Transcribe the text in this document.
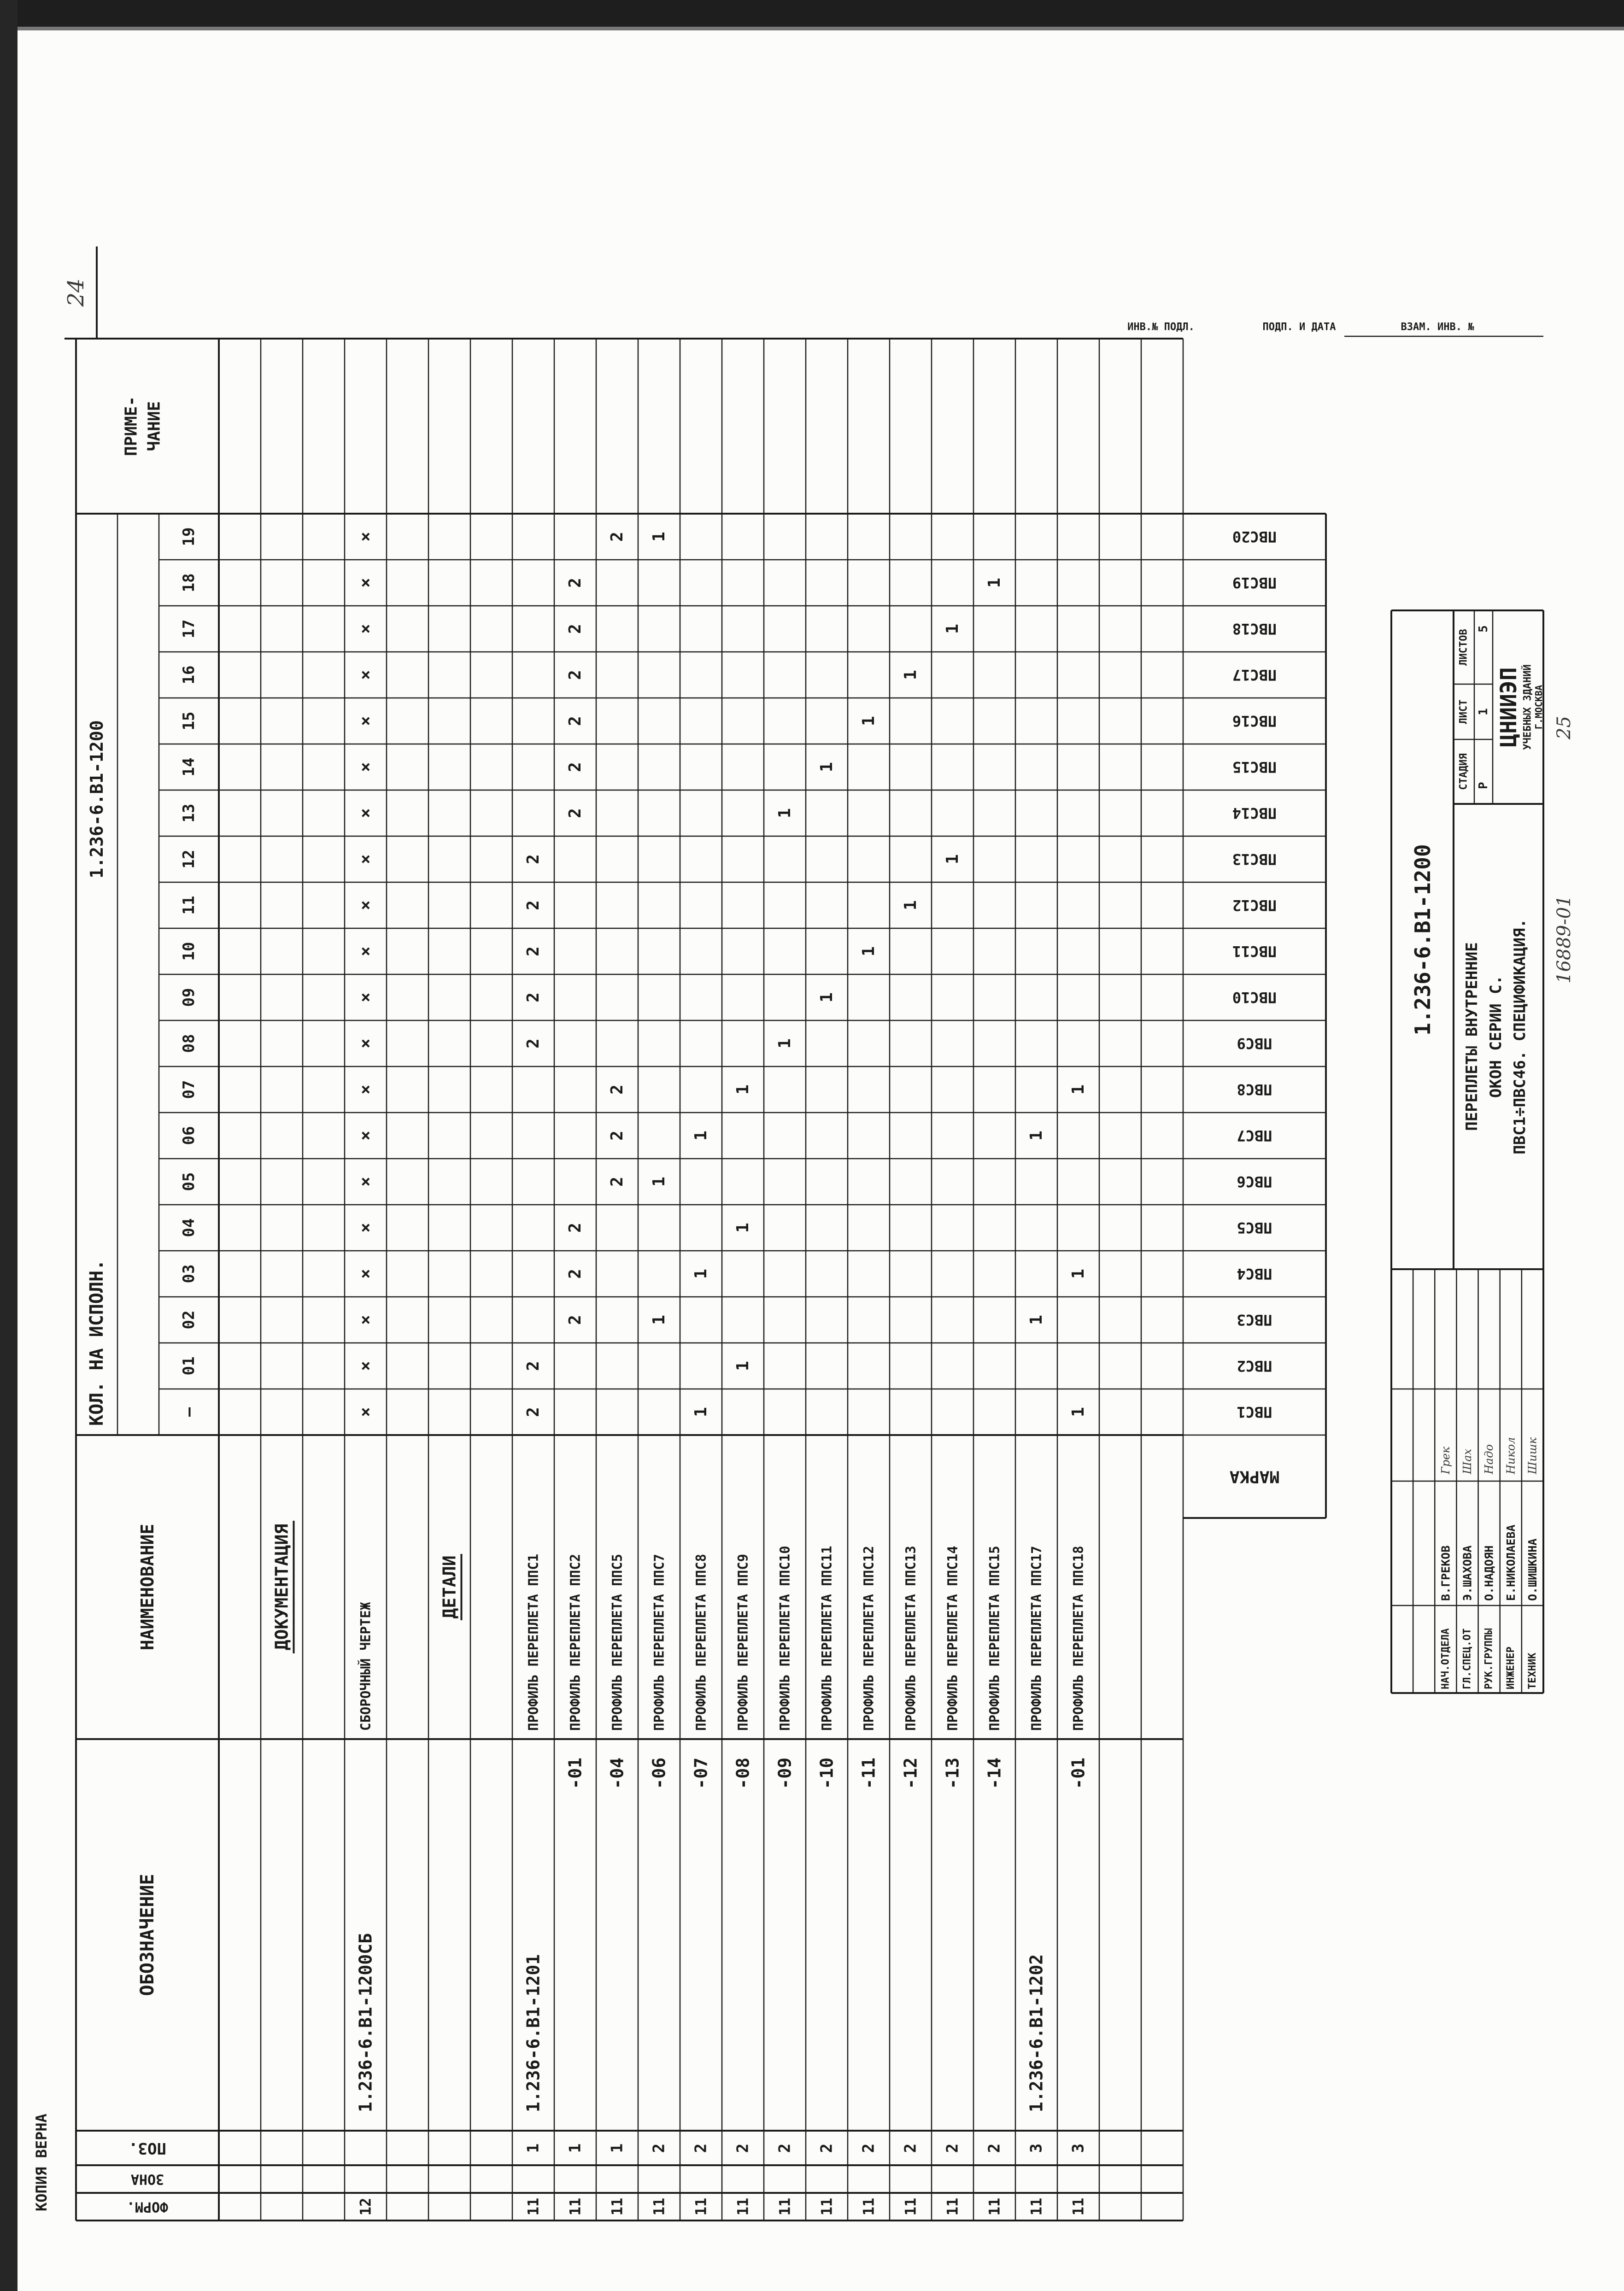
ФОРМ.
ЗОНА
ПОЗ.
ОБОЗНАЧЕНИЕ
НАИМЕНОВАНИЕ
КОЛ. НА ИСПОЛН.
1.236-6.В1-1200
ПРИМЕ- ЧАНИЕ
–
01
02
03
04
05
06
07
08
09
10
11
12
13
14
15
16
17
18
19
ДОКУМЕНТАЦИЯ
12
1.236-6.В1-1200СБ
СБОРОЧНЫЙ ЧЕРТЕЖ
×
×
×
×
×
×
×
×
×
×
×
×
×
×
×
×
×
×
×
×
ДЕТАЛИ
11
1
1.236-6.В1-1201
ПРОФИЛЬ ПЕРЕПЛЕТА ППС1
2
2
2
2
2
2
2
11
1
-01
ПРОФИЛЬ ПЕРЕПЛЕТА ППС2
2
2
2
2
2
2
2
2
2
11
1
-04
ПРОФИЛЬ ПЕРЕПЛЕТА ППС5
2
2
2
2
11
2
-06
ПРОФИЛЬ ПЕРЕПЛЕТА ППС7
1
1
1
11
2
-07
ПРОФИЛЬ ПЕРЕПЛЕТА ППС8
1
1
1
11
2
-08
ПРОФИЛЬ ПЕРЕПЛЕТА ППС9
1
1
1
11
2
-09
ПРОФИЛЬ ПЕРЕПЛЕТА ППС10
1
1
11
2
-10
ПРОФИЛЬ ПЕРЕПЛЕТА ППС11
1
1
11
2
-11
ПРОФИЛЬ ПЕРЕПЛЕТА ППС12
1
1
11
2
-12
ПРОФИЛЬ ПЕРЕПЛЕТА ППС13
1
1
11
2
-13
ПРОФИЛЬ ПЕРЕПЛЕТА ППС14
1
1
11
2
-14
ПРОФИЛЬ ПЕРЕПЛЕТА ППС15
1
11
3
1.236-6.В1-1202
ПРОФИЛЬ ПЕРЕПЛЕТА ППС17
1
1
11
3
-01
ПРОФИЛЬ ПЕРЕПЛЕТА ППС18
1
1
1
МАРКА
ПВС1
ПВС2
ПВС3
ПВС4
ПВС5
ПВС6
ПВС7
ПВС8
ПВС9
ПВС10
ПВС11
ПВС12
ПВС13
ПВС14
ПВС15
ПВС16
ПВС17
ПВС18
ПВС19
ПВС20
НАЧ.ОТДЕЛА
В.ГРЕКОВ
Грек
ГЛ.СПЕЦ.ОТ
Э.ШАХОВА
Шах
РУК.ГРУППЫ
О.НАДОЯН
Надо
ИНЖЕНЕР
Е.НИКОЛАЕВА
Никол
ТЕХНИК
О.ШИШКИНА
Шишк
1.236-6.В1-1200
ПЕРЕПЛЕТЫ ВНУТРЕННИЕ ОКОН СЕРИИ С. ПВС1÷ПВС46. СПЕЦИФИКАЦИЯ.
СТАДИЯ
ЛИСТ
ЛИСТОВ
Р
1
5
ЦНИИЭП УЧЕБНЫХ ЗДАНИЙ Г.МОСКВА
16889-01
25
24
КОПИЯ ВЕРНА
ИНВ.№ ПОДЛ.	ПОДП. И ДАТА	ВЗАМ. ИНВ. №
